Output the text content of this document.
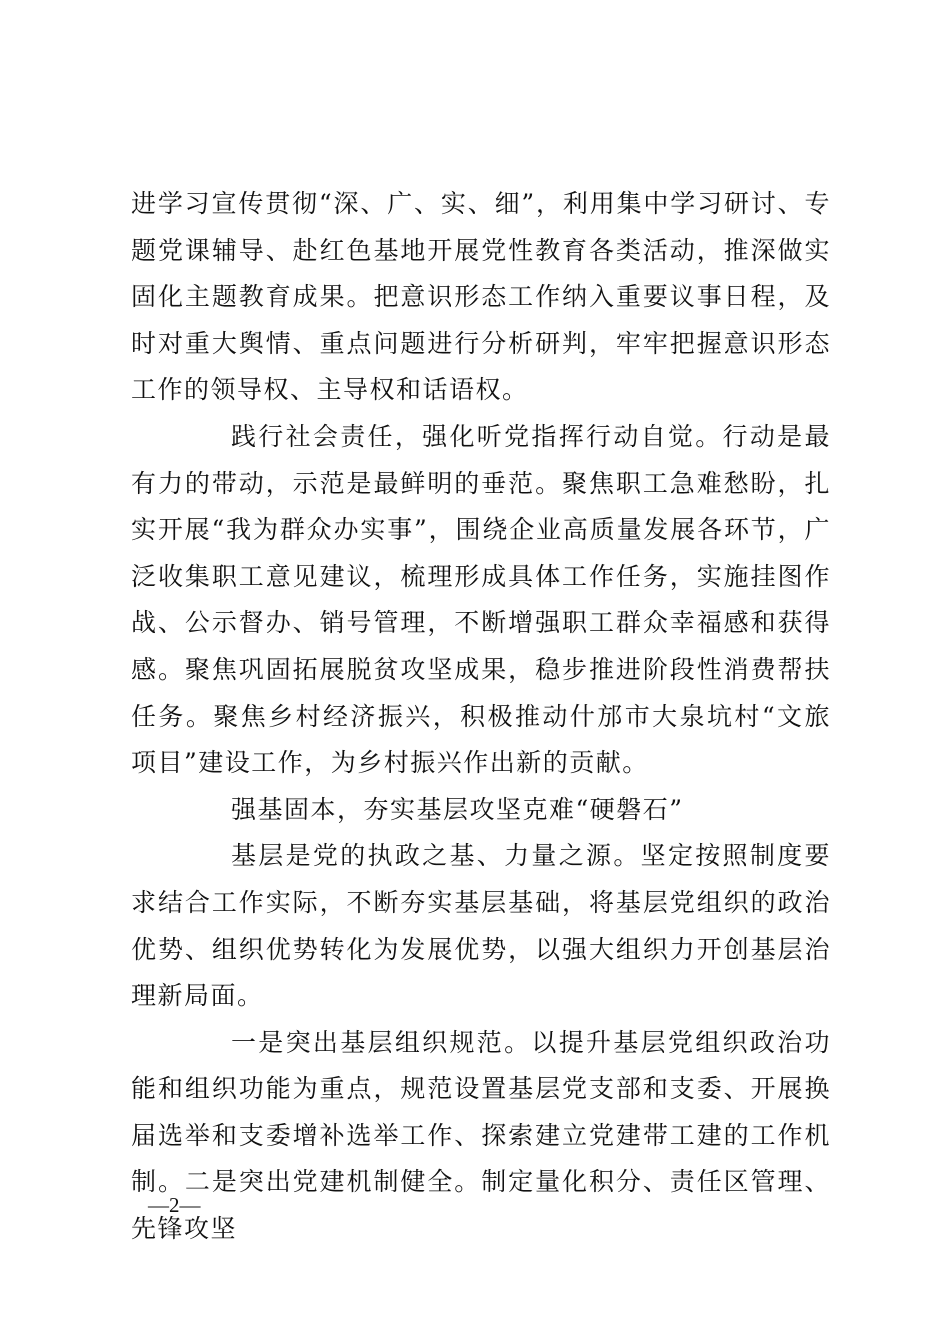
进学习宣传贯彻“深、广、实、细”，利用集中学习研讨、专题党课辅导、赴红色基地开展党性教育各类活动，推深做实固化主题教育成果。把意识形态工作纳入重要议事日程，及时对重大舆情、重点问题进行分析研判，牢牢把握意识形态工作的领导权、主导权和话语权。

践行社会责任，强化听党指挥行动自觉。行动是最有力的带动，示范是最鲜明的垂范。聚焦职工急难愁盼，扎实开展“我为群众办实事”，围绕企业高质量发展各环节，广泛收集职工意见建议，梳理形成具体工作任务，实施挂图作战、公示督办、销号管理，不断增强职工群众幸福感和获得感。聚焦巩固拓展脱贫攻坚成果，稳步推进阶段性消费帮扶任务。聚焦乡村经济振兴，积极推动什邡市大泉坑村“文旅项目”建设工作，为乡村振兴作出新的贡献。

强基固本，夯实基层攻坚克难“硬磐石”

基层是党的执政之基、力量之源。坚定按照制度要求结合工作实际，不断夯实基层基础，将基层党组织的政治优势、组织优势转化为发展优势，以强大组织力开创基层治理新局面。

一是突出基层组织规范。以提升基层党组织政治功能和组织功能为重点，规范设置基层党支部和支委、开展换届选举和支委增补选举工作、探索建立党建带工建的工作机制。二是突出党建机制健全。制定量化积分、责任区管理、先锋攻坚

—2—
